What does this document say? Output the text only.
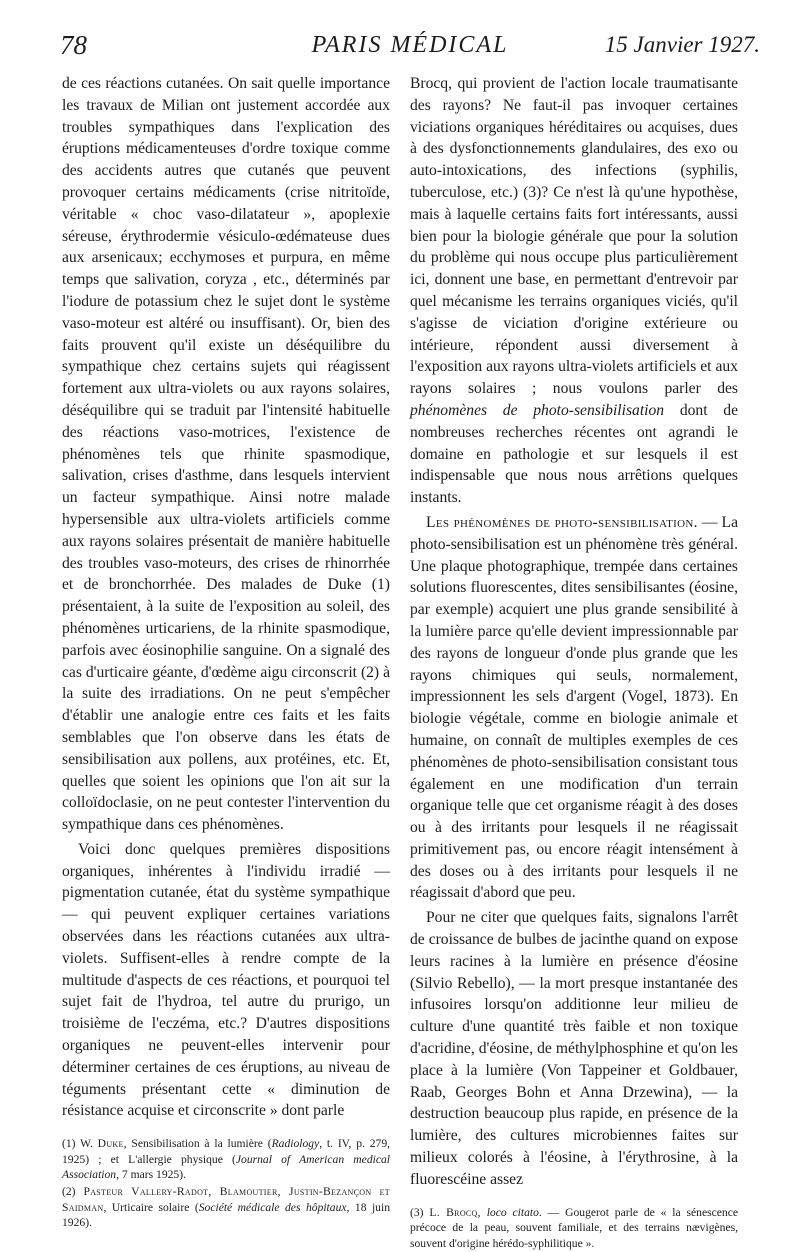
78	PARIS MÉDICAL	15 Janvier 1927.

de ces réactions cutanées. On sait quelle importance les travaux de Milian ont justement accordée aux troubles sympathiques dans l'explication des éruptions médicamenteuses d'ordre toxique comme des accidents autres que cutanés que peuvent provoquer certains médicaments (crise nitritoïde, véritable « choc vaso-dilatateur », apoplexie séreuse, érythrodermie vésiculo-œdémateuse dues aux arsenicaux; ecchymoses et purpura, en même temps que salivation, coryza , etc., déterminés par l'iodure de potassium chez le sujet dont le système vaso-moteur est altéré ou insuffisant). Or, bien des faits prouvent qu'il existe un déséquilibre du sympathique chez certains sujets qui réagissent fortement aux ultra-violets ou aux rayons solaires, déséquilibre qui se traduit par l'intensité habituelle des réactions vaso-motrices, l'existence de phénomènes tels que rhinite spasmodique, salivation, crises d'asthme, dans lesquels intervient un facteur sympathique. Ainsi notre malade hypersensible aux ultra-violets artificiels comme aux rayons solaires présentait de manière habituelle des troubles vaso-moteurs, des crises de rhinorrhée et de bronchorrhée. Des malades de Duke (1) présentaient, à la suite de l'exposition au soleil, des phénomènes urticariens, de la rhinite spasmodique, parfois avec éosinophilie sanguine. On a signalé des cas d'urticaire géante, d'œdème aigu circonscrit (2) à la suite des irradiations. On ne peut s'empêcher d'établir une analogie entre ces faits et les faits semblables que l'on observe dans les états de sensibilisation aux pollens, aux protéines, etc. Et, quelles que soient les opinions que l'on ait sur la colloïdoclasie, on ne peut contester l'intervention du sympathique dans ces phénomènes.

Voici donc quelques premières dispositions organiques, inhérentes à l'individu irradié — pigmentation cutanée, état du système sympathique — qui peuvent expliquer certaines variations observées dans les réactions cutanées aux ultra-violets. Suffisent-elles à rendre compte de la multitude d'aspects de ces réactions, et pourquoi tel sujet fait de l'hydroa, tel autre du prurigo, un troisième de l'eczéma, etc.? D'autres dispositions organiques ne peuvent-elles intervenir pour déterminer certaines de ces éruptions, au niveau de téguments présentant cette « diminution de résistance acquise et circonscrite » dont parle

(1) W. Duke, Sensibilisation à la lumière (Radiology, t. IV, p. 279, 1925) ; et L'allergie physique (Journal of American medical Association, 7 mars 1925).

(2) Pasteur Vallery-Radot, Blamoutier, Justin-Bezançon et Saidman, Urticaire solaire (Société médicale des hôpitaux, 18 juin 1926).

Brocq, qui provient de l'action locale traumatisante des rayons? Ne faut-il pas invoquer certaines viciations organiques héréditaires ou acquises, dues à des dysfonctionnements glandulaires, des exo ou auto-intoxications, des infections (syphilis, tuberculose, etc.) (3)? Ce n'est là qu'une hypothèse, mais à laquelle certains faits fort intéressants, aussi bien pour la biologie générale que pour la solution du problème qui nous occupe plus particulièrement ici, donnent une base, en permettant d'entrevoir par quel mécanisme les terrains organiques viciés, qu'il s'agisse de viciation d'origine extérieure ou intérieure, répondent aussi diversement à l'exposition aux rayons ultra-violets artificiels et aux rayons solaires ; nous voulons parler des phénomènes de photo-sensibilisation dont de nombreuses recherches récentes ont agrandi le domaine en pathologie et sur lesquels il est indispensable que nous nous arrêtions quelques instants.

Les phénomènes de photo-sensibilisation. — La photo-sensibilisation est un phénomène très général. Une plaque photographique, trempée dans certaines solutions fluorescentes, dites sensibilisantes (éosine, par exemple) acquiert une plus grande sensibilité à la lumière parce qu'elle devient impressionnable par des rayons de longueur d'onde plus grande que les rayons chimiques qui seuls, normalement, impressionnent les sels d'argent (Vogel, 1873). En biologie végétale, comme en biologie animale et humaine, on connaît de multiples exemples de ces phénomènes de photo-sensibilisation consistant tous également en une modification d'un terrain organique telle que cet organisme réagit à des doses ou à des irritants pour lesquels il ne réagissait primitivement pas, ou encore réagit intensément à des doses ou à des irritants pour lesquels il ne réagissait d'abord que peu.

Pour ne citer que quelques faits, signalons l'arrêt de croissance de bulbes de jacinthe quand on expose leurs racines à la lumière en présence d'éosine (Silvio Rebello), — la mort presque instantanée des infusoires lorsqu'on additionne leur milieu de culture d'une quantité très faible et non toxique d'acridine, d'éosine, de méthylphosphine et qu'on les place à la lumière (Von Tappeiner et Goldbauer, Raab, Georges Bohn et Anna Drzewina), — la destruction beaucoup plus rapide, en présence de la lumière, des cultures microbiennes faites sur milieux colorés à l'éosine, à l'érythrosine, à la fluorescéine assez

(3) L. Brocq, loco citato. — Gougerot parle de « la sénescence précoce de la peau, souvent familiale, et des terrains nævigènes, souvent d'origine hérédo-syphilitique ».
